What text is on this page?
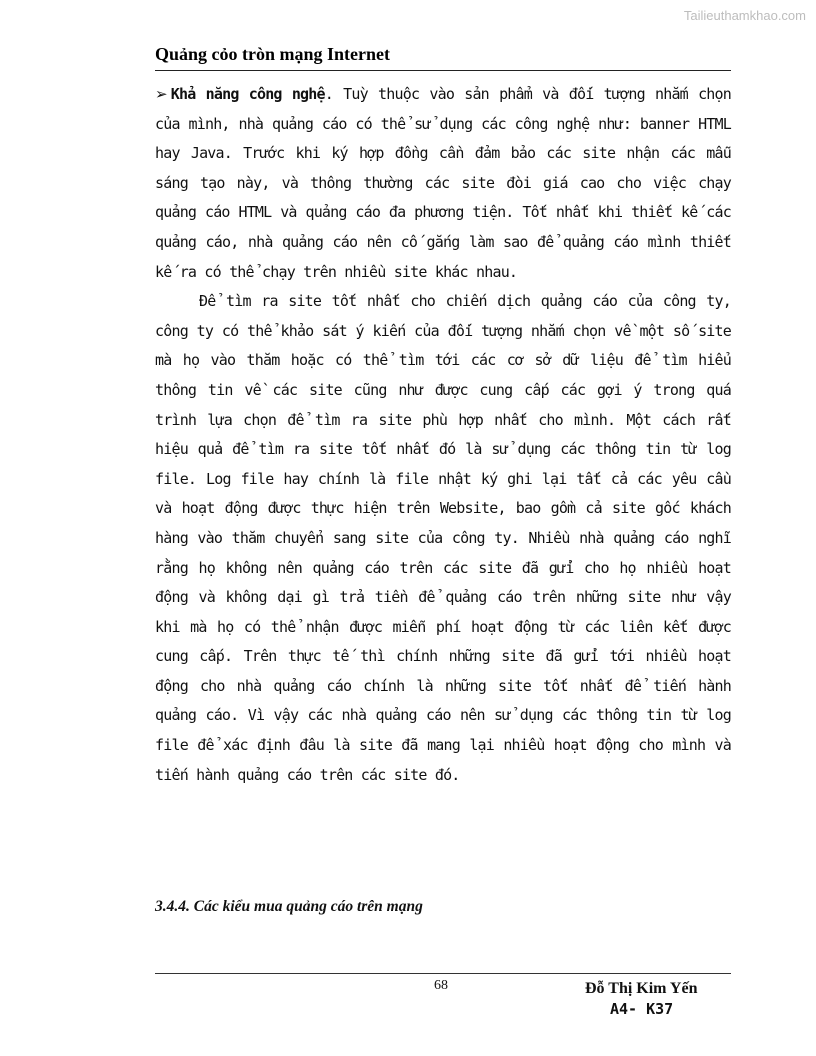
Tailieuthamkhao.com
Quảng cỏo tròn mạng Internet

➢ Khả năng công nghệ. Tuỳ thuộc vào sản phẩm và đối tượng nhắm chọn của mình, nhà quảng cáo có thể sử dụng các công nghệ như: banner HTML hay Java. Trước khi ký hợp đồng cần đảm bảo các site nhận các mẫu sáng tạo này, và thông thường các site đòi giá cao cho việc chạy quảng cáo HTML và quảng cáo đa phương tiện. Tốt nhất khi thiết kế các quảng cáo, nhà quảng cáo nên cố gắng làm sao để quảng cáo mình thiết kế ra có thể chạy trên nhiều site khác nhau.

Để tìm ra site tốt nhất cho chiến dịch quảng cáo của công ty, công ty có thể khảo sát ý kiến của đối tượng nhắm chọn về một số site mà họ vào thăm hoặc có thể tìm tới các cơ sở dữ liệu để tìm hiểu thông tin về các site cũng như được cung cấp các gợi ý trong quá trình lựa chọn để tìm ra site phù hợp nhất cho mình. Một cách rất hiệu quả để tìm ra site tốt nhất đó là sử dụng các thông tin từ log file. Log file hay chính là file nhật ký ghi lại tất cả các yêu cầu và hoạt động được thực hiện trên Website, bao gồm cả site gốc khách hàng vào thăm chuyển sang site của công ty. Nhiều nhà quảng cáo nghĩ rằng họ không nên quảng cáo trên các site đã gửi cho họ nhiều hoạt động và không dại gì trả tiền để quảng cáo trên những site như vậy khi mà họ có thể nhận được miễn phí hoạt động từ các liên kết được cung cấp. Trên thực tế thì chính những site đã gửi tới nhiều hoạt động cho nhà quảng cáo chính là những site tốt nhất để tiến hành quảng cáo. Vì vậy các nhà quảng cáo nên sử dụng các thông tin từ log file để xác định đâu là site đã mang lại nhiều hoạt động cho mình và tiến hành quảng cáo trên các site đó.

3.4.4. Các kiểu mua quảng cáo trên mạng
68	Đỗ Thị Kim Yến
A4- K37
